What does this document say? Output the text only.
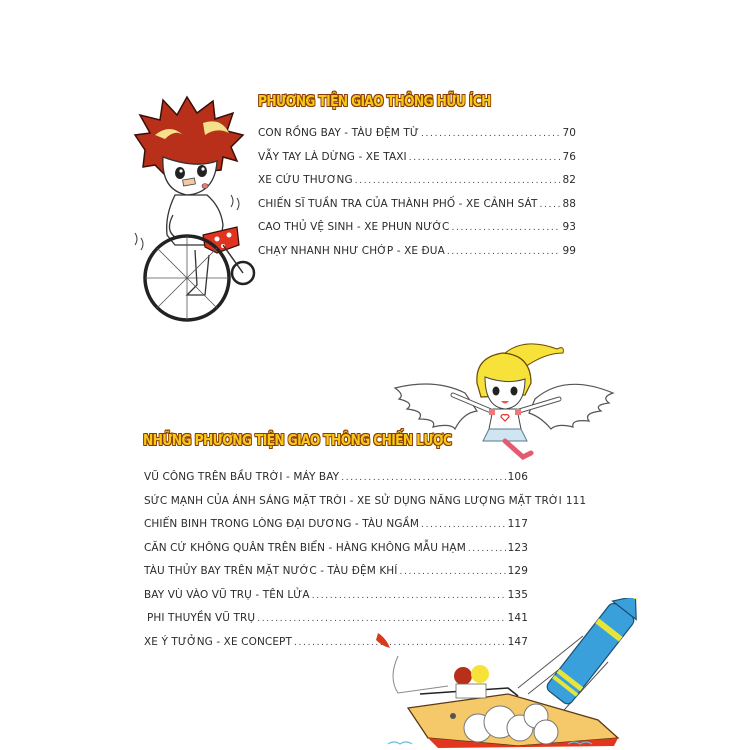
PHƯƠNG TIỆN GIAO THÔNG HỮU ÍCH
CON RỒNG BAY - TÀU ĐỆM TỪ . . .	70
VẪY TAY LÀ DỪNG - XE TAXI . . .	76
XE CỨU THƯƠNG . . .	82
CHIẾN SĨ TUẦN TRA CỦA THÀNH PHỐ - XE CẢNH SÁT . . . 88
CAO THỦ VỆ SINH - XE PHUN NƯỚC . . .	93
CHẠY NHANH NHƯ CHỚP - XE ĐUA . . .	99
NHỮNG PHƯƠNG TIỆN GIAO THÔNG CHIẾN LƯỢC
VŨ CÔNG TRÊN BẦU TRỜI - MÁY BAY . . .	106
SỨC MẠNH CỦA ÁNH SÁNG MẶT TRỜI - XE SỬ DỤNG NĂNG LƯỢNG MẶT TRỜI 111
CHIẾN BINH TRONG LÒNG ĐẠI DƯƠNG - TÀU NGẦM . . .	117
CĂN CỨ KHÔNG QUÂN TRÊN BIỂN - HÀNG KHÔNG MẪU HẠM . . .	123
TÀU THỦY BAY TRÊN MẶT NƯỚC - TÀU ĐỆM KHÍ . . .	129
BAY VÙ VÀO VŨ TRỤ - TÊN LỬA . . .	135
PHI THUYỀN VŨ TRỤ . . .	141
XE Ý TƯỞNG - XE CONCEPT . . .	147
